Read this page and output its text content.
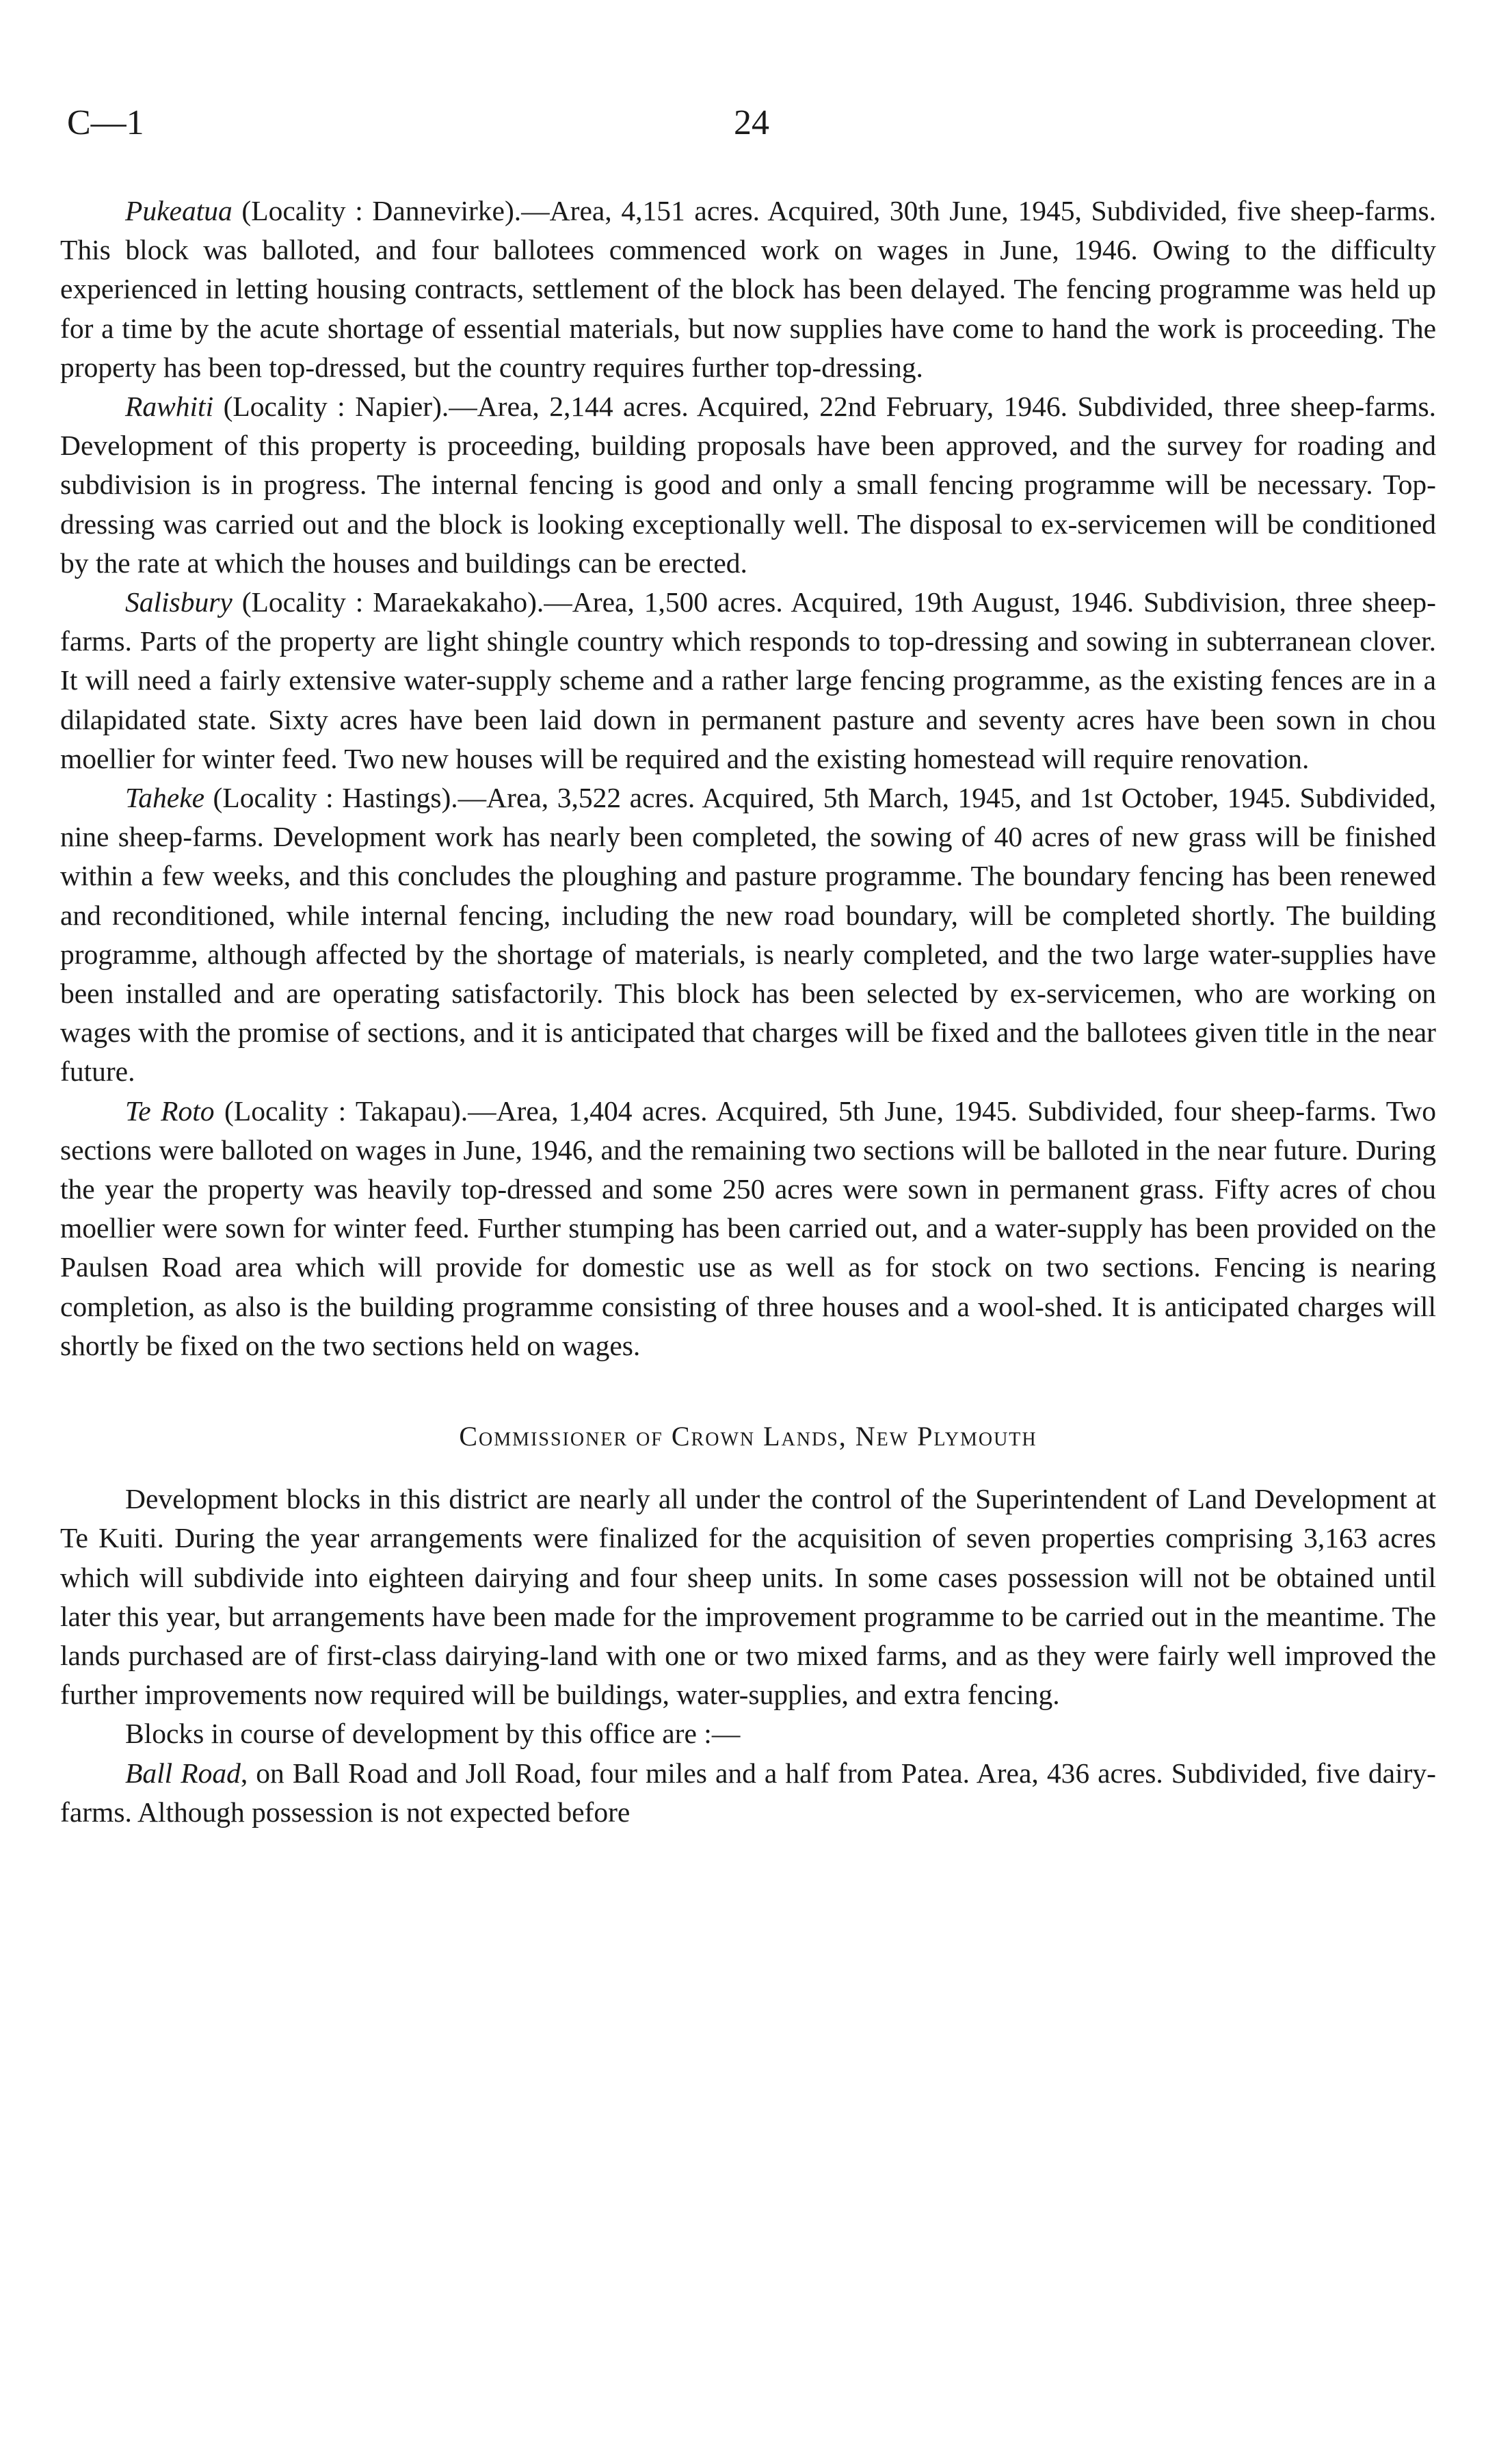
C—1	24

Pukeatua (Locality : Dannevirke).—Area, 4,151 acres. Acquired, 30th June, 1945, Subdivided, five sheep-farms. This block was balloted, and four ballotees commenced work on wages in June, 1946. Owing to the difficulty experienced in letting housing contracts, settlement of the block has been delayed. The fencing programme was held up for a time by the acute shortage of essential materials, but now supplies have come to hand the work is proceeding. The property has been top-dressed, but the country requires further top-dressing.

Rawhiti (Locality : Napier).—Area, 2,144 acres. Acquired, 22nd February, 1946. Subdivided, three sheep-farms. Development of this property is proceeding, building proposals have been approved, and the survey for roading and subdivision is in progress. The internal fencing is good and only a small fencing programme will be necessary. Top-dressing was carried out and the block is looking exceptionally well. The disposal to ex-servicemen will be conditioned by the rate at which the houses and buildings can be erected.

Salisbury (Locality : Maraekakaho).—Area, 1,500 acres. Acquired, 19th August, 1946. Subdivision, three sheep-farms. Parts of the property are light shingle country which responds to top-dressing and sowing in subterranean clover. It will need a fairly extensive water-supply scheme and a rather large fencing programme, as the existing fences are in a dilapidated state. Sixty acres have been laid down in permanent pasture and seventy acres have been sown in chou moellier for winter feed. Two new houses will be required and the existing homestead will require renovation.

Taheke (Locality : Hastings).—Area, 3,522 acres. Acquired, 5th March, 1945, and 1st October, 1945. Subdivided, nine sheep-farms. Development work has nearly been completed, the sowing of 40 acres of new grass will be finished within a few weeks, and this concludes the ploughing and pasture programme. The boundary fencing has been renewed and reconditioned, while internal fencing, including the new road boundary, will be completed shortly. The building programme, although affected by the shortage of materials, is nearly completed, and the two large water-supplies have been installed and are operating satisfactorily. This block has been selected by ex-servicemen, who are working on wages with the promise of sections, and it is anticipated that charges will be fixed and the ballotees given title in the near future.

Te Roto (Locality : Takapau).—Area, 1,404 acres. Acquired, 5th June, 1945. Subdivided, four sheep-farms. Two sections were balloted on wages in June, 1946, and the remaining two sections will be balloted in the near future. During the year the property was heavily top-dressed and some 250 acres were sown in permanent grass. Fifty acres of chou moellier were sown for winter feed. Further stumping has been carried out, and a water-supply has been provided on the Paulsen Road area which will provide for domestic use as well as for stock on two sections. Fencing is nearing completion, as also is the building programme consisting of three houses and a wool-shed. It is anticipated charges will shortly be fixed on the two sections held on wages.

Commissioner of Crown Lands, New Plymouth

Development blocks in this district are nearly all under the control of the Superintendent of Land Development at Te Kuiti. During the year arrangements were finalized for the acquisition of seven properties comprising 3,163 acres which will subdivide into eighteen dairying and four sheep units. In some cases possession will not be obtained until later this year, but arrangements have been made for the improvement programme to be carried out in the meantime. The lands purchased are of first-class dairying-land with one or two mixed farms, and as they were fairly well improved the further improvements now required will be buildings, water-supplies, and extra fencing.

Blocks in course of development by this office are :—

Ball Road, on Ball Road and Joll Road, four miles and a half from Patea. Area, 436 acres. Subdivided, five dairy-farms. Although possession is not expected before
